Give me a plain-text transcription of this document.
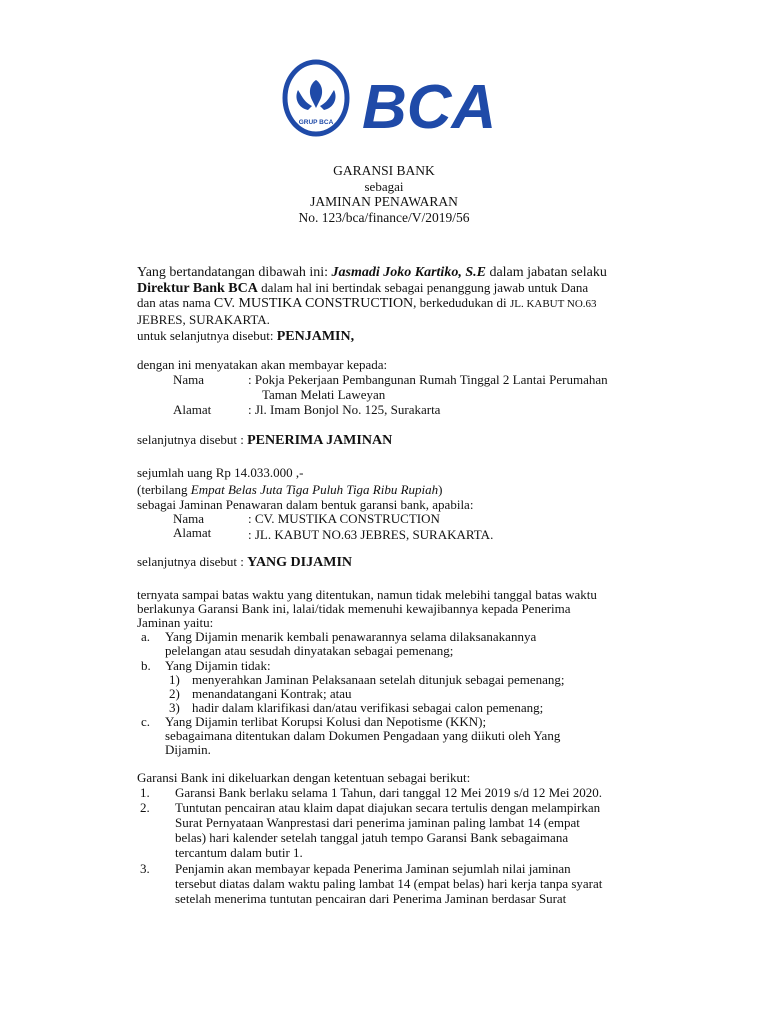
GRUP BCA BCA
GARANSI BANK
sebagai
JAMINAN PENAWARAN
No. 123/bca/finance/V/2019/56
Yang bertandatangan dibawah ini: Jasmadi Joko Kartiko, S.E dalam jabatan selaku
Direktur Bank BCA dalam hal ini bertindak sebagai penanggung jawab untuk Dana
dan atas nama CV. MUSTIKA CONSTRUCTION, berkedudukan di JL. KABUT NO.63
JEBRES, SURAKARTA.
untuk selanjutnya disebut: PENJAMIN,
dengan ini menyatakan akan membayar kepada:
Nama	: Pokja Pekerjaan Pembangunan Rumah Tinggal 2 Lantai Perumahan
Taman Melati Laweyan
Alamat	: Jl. Imam Bonjol No. 125, Surakarta
selanjutnya disebut : PENERIMA JAMINAN
sejumlah uang Rp 14.033.000 ,-
(terbilang Empat Belas Juta Tiga Puluh Tiga Ribu Rupiah)
sebagai Jaminan Penawaran dalam bentuk garansi bank, apabila:
Nama	: CV. MUSTIKA CONSTRUCTION
Alamat	: JL. KABUT NO.63 JEBRES, SURAKARTA.
selanjutnya disebut : YANG DIJAMIN
ternyata sampai batas waktu yang ditentukan, namun tidak melebihi tanggal batas waktu
berlakunya Garansi Bank ini, lalai/tidak memenuhi kewajibannya kepada Penerima
Jaminan yaitu:
a. Yang Dijamin menarik kembali penawarannya selama dilaksanakannya
pelelangan atau sesudah dinyatakan sebagai pemenang;
b. Yang Dijamin tidak:
1) menyerahkan Jaminan Pelaksanaan setelah ditunjuk sebagai pemenang;
2) menandatangani Kontrak; atau
3) hadir dalam klarifikasi dan/atau verifikasi sebagai calon pemenang;
c. Yang Dijamin terlibat Korupsi Kolusi dan Nepotisme (KKN);
sebagaimana ditentukan dalam Dokumen Pengadaan yang diikuti oleh Yang
Dijamin.
Garansi Bank ini dikeluarkan dengan ketentuan sebagai berikut:
1. Garansi Bank berlaku selama 1 Tahun, dari tanggal 12 Mei 2019 s/d 12 Mei 2020.
2. Tuntutan pencairan atau klaim dapat diajukan secara tertulis dengan melampirkan
Surat Pernyataan Wanprestasi dari penerima jaminan paling lambat 14 (empat
belas) hari kalender setelah tanggal jatuh tempo Garansi Bank sebagaimana
tercantum dalam butir 1.
3. Penjamin akan membayar kepada Penerima Jaminan sejumlah nilai jaminan
tersebut diatas dalam waktu paling lambat 14 (empat belas) hari kerja tanpa syarat
setelah menerima tuntutan pencairan dari Penerima Jaminan berdasar Surat
